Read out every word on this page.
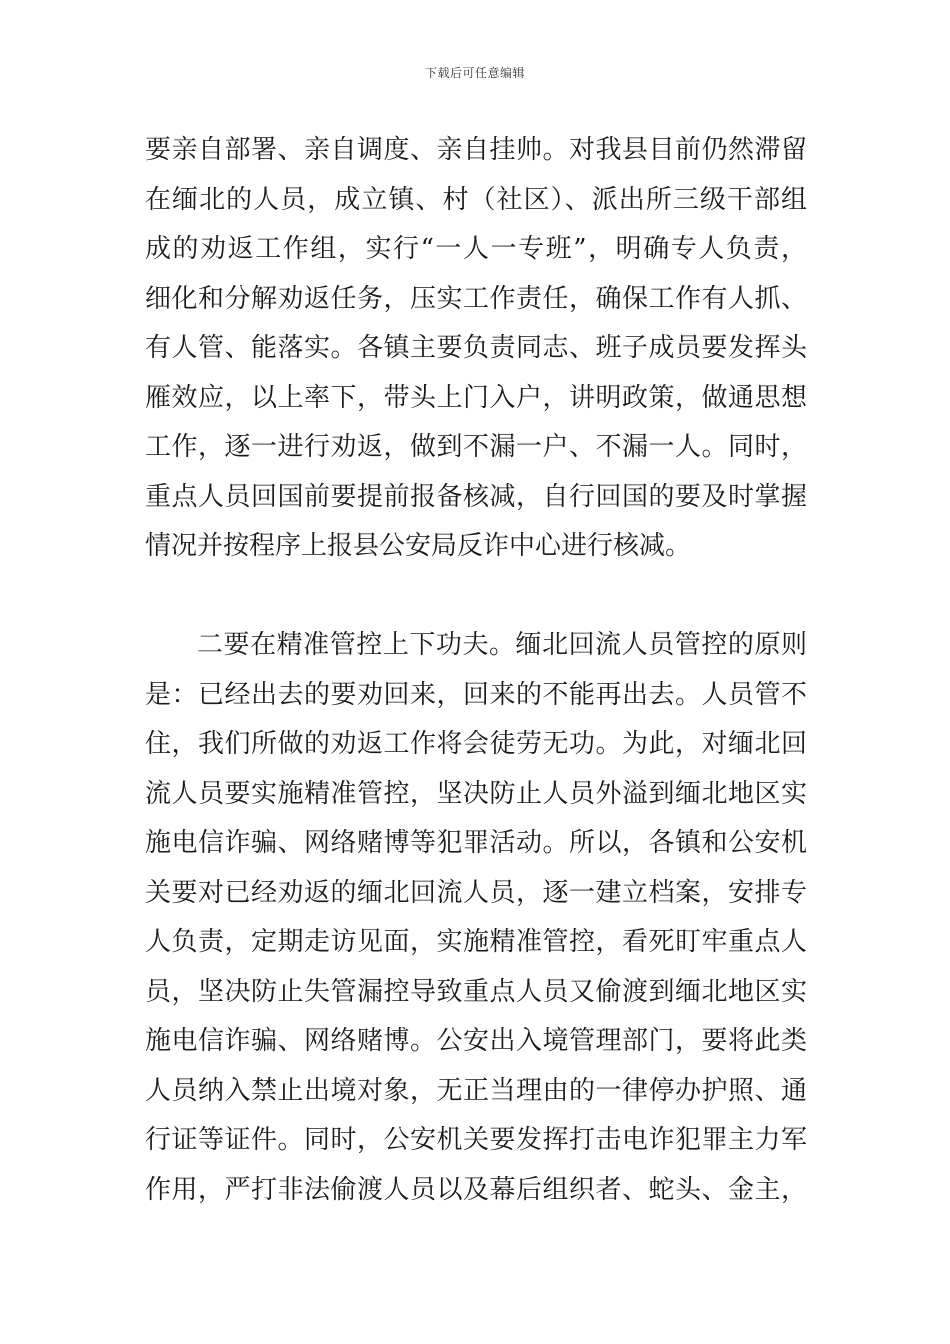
下载后可任意编辑
要亲自部署、亲自调度、亲自挂帅。对我县目前仍然滞留
在缅北的人员，成立镇、村（社区）、派出所三级干部组
成的劝返工作组，实行“一人一专班”，明确专人负责，
细化和分解劝返任务，压实工作责任，确保工作有人抓、
有人管、能落实。各镇主要负责同志、班子成员要发挥头
雁效应，以上率下，带头上门入户，讲明政策，做通思想
工作，逐一进行劝返，做到不漏一户、不漏一人。同时，
重点人员回国前要提前报备核减，自行回国的要及时掌握
情况并按程序上报县公安局反诈中心进行核减。
二要在精准管控上下功夫。缅北回流人员管控的原则
是：已经出去的要劝回来，回来的不能再出去。人员管不
住，我们所做的劝返工作将会徒劳无功。为此，对缅北回
流人员要实施精准管控，坚决防止人员外溢到缅北地区实
施电信诈骗、网络赌博等犯罪活动。所以，各镇和公安机
关要对已经劝返的缅北回流人员，逐一建立档案，安排专
人负责，定期走访见面，实施精准管控，看死盯牢重点人
员，坚决防止失管漏控导致重点人员又偷渡到缅北地区实
施电信诈骗、网络赌博。公安出入境管理部门，要将此类
人员纳入禁止出境对象，无正当理由的一律停办护照、通
行证等证件。同时，公安机关要发挥打击电诈犯罪主力军
作用，严打非法偷渡人员以及幕后组织者、蛇头、金主，
